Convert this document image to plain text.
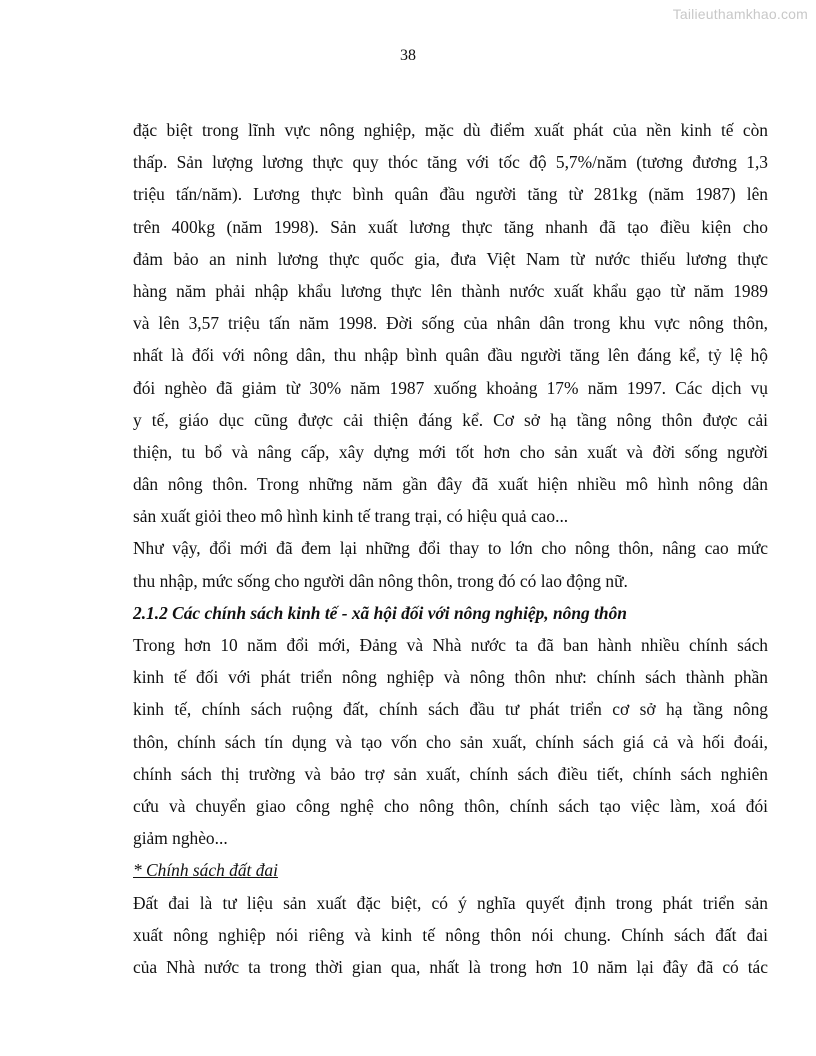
Tailieuthamkhao.com
38
đặc biệt trong lĩnh vực nông nghiệp, mặc dù điểm xuất phát của nền kinh tế còn
thấp. Sản lượng lương thực quy thóc tăng với tốc độ 5,7%/năm (tương đương 1,3
triệu tấn/năm). Lương thực bình quân đầu người tăng từ 281kg (năm 1987) lên
trên 400kg (năm 1998). Sản xuất lương thực tăng nhanh đã tạo điều kiện cho
đảm bảo an ninh lương thực quốc gia, đưa Việt Nam từ nước thiếu lương thực
hàng năm phải nhập khẩu lương thực lên thành nước xuất khẩu gạo từ năm 1989
và lên 3,57 triệu tấn năm 1998. Đời sống của nhân dân trong khu vực nông thôn,
nhất là đối với nông dân, thu nhập bình quân đầu người tăng lên đáng kể, tỷ lệ hộ
đói nghèo đã giảm từ 30% năm 1987 xuống khoảng 17% năm 1997. Các dịch vụ
y tế, giáo dục cũng được cải thiện đáng kể. Cơ sở hạ tầng nông thôn được cải
thiện, tu bổ và nâng cấp, xây dựng mới tốt hơn cho sản xuất và đời sống người
dân nông thôn. Trong những năm gần đây đã xuất hiện nhiều mô hình nông dân
sản xuất giỏi theo mô hình kinh tế trang trại, có hiệu quả cao...
Như vậy, đổi mới đã đem lại những đổi thay to lớn cho nông thôn, nâng cao mức
thu nhập, mức sống cho người dân nông thôn, trong đó có lao động nữ.
2.1.2 Các chính sách kinh tế - xã hội đối với nông nghiệp, nông thôn
Trong hơn 10 năm đổi mới, Đảng và Nhà nước ta đã ban hành nhiều chính sách
kinh tế đối với phát triển nông nghiệp và nông thôn như: chính sách thành phần
kinh tế, chính sách ruộng đất, chính sách đầu tư phát triển cơ sở hạ tầng nông
thôn, chính sách tín dụng và tạo vốn cho sản xuất, chính sách giá cả và hối đoái,
chính sách thị trường và bảo trợ sản xuất, chính sách điều tiết, chính sách nghiên
cứu và chuyển giao công nghệ cho nông thôn, chính sách tạo việc làm, xoá đói
giảm nghèo...
* Chính sách đất đai
Đất đai là tư liệu sản xuất đặc biệt, có ý nghĩa quyết định trong phát triển sản
xuất nông nghiệp nói riêng và kinh tế nông thôn nói chung. Chính sách đất đai
của Nhà nước ta trong thời gian qua, nhất là trong hơn 10 năm lại đây đã có tác
